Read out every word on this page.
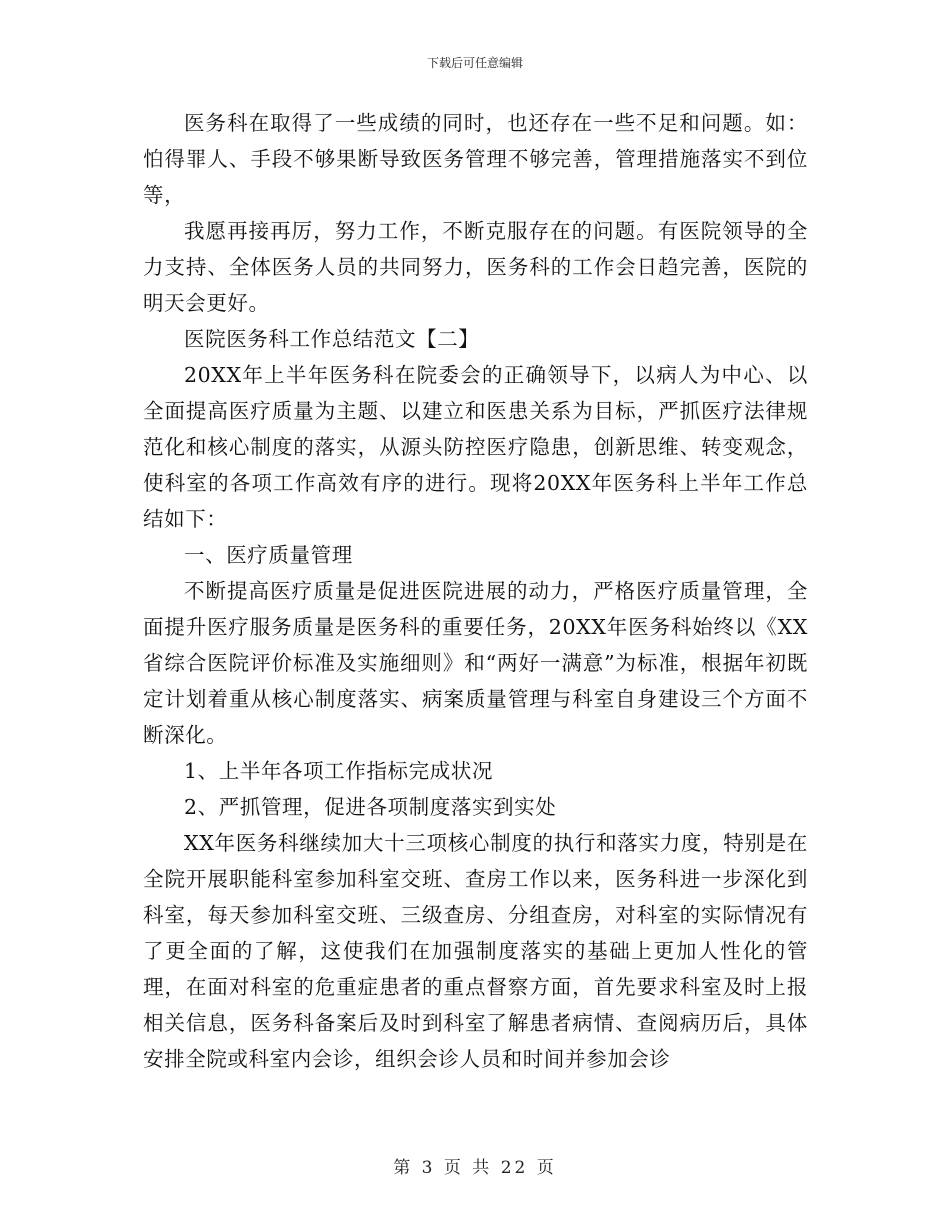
下载后可任意编辑

医务科在取得了一些成绩的同时，也还存在一些不足和问题。如：怕得罪人、手段不够果断导致医务管理不够完善，管理措施落实不到位等，

我愿再接再厉，努力工作，不断克服存在的问题。有医院领导的全力支持、全体医务人员的共同努力，医务科的工作会日趋完善，医院的明天会更好。

医院医务科工作总结范文【二】

20XX年上半年医务科在院委会的正确领导下，以病人为中心、以全面提高医疗质量为主题、以建立和医患关系为目标，严抓医疗法律规范化和核心制度的落实，从源头防控医疗隐患，创新思维、转变观念，使科室的各项工作高效有序的进行。现将20XX年医务科上半年工作总结如下：

一、医疗质量管理

不断提高医疗质量是促进医院进展的动力，严格医疗质量管理，全面提升医疗服务质量是医务科的重要任务，20XX年医务科始终以《XX省综合医院评价标准及实施细则》和“两好一满意”为标准，根据年初既定计划着重从核心制度落实、病案质量管理与科室自身建设三个方面不断深化。

1、上半年各项工作指标完成状况

2、严抓管理，促进各项制度落实到实处

XX年医务科继续加大十三项核心制度的执行和落实力度，特别是在全院开展职能科室参加科室交班、查房工作以来，医务科进一步深化到科室，每天参加科室交班、三级查房、分组查房，对科室的实际情况有了更全面的了解，这使我们在加强制度落实的基础上更加人性化的管理，在面对科室的危重症患者的重点督察方面，首先要求科室及时上报相关信息，医务科备案后及时到科室了解患者病情、查阅病历后，具体安排全院或科室内会诊，组织会诊人员和时间并参加会诊

第 3 页 共 22 页
